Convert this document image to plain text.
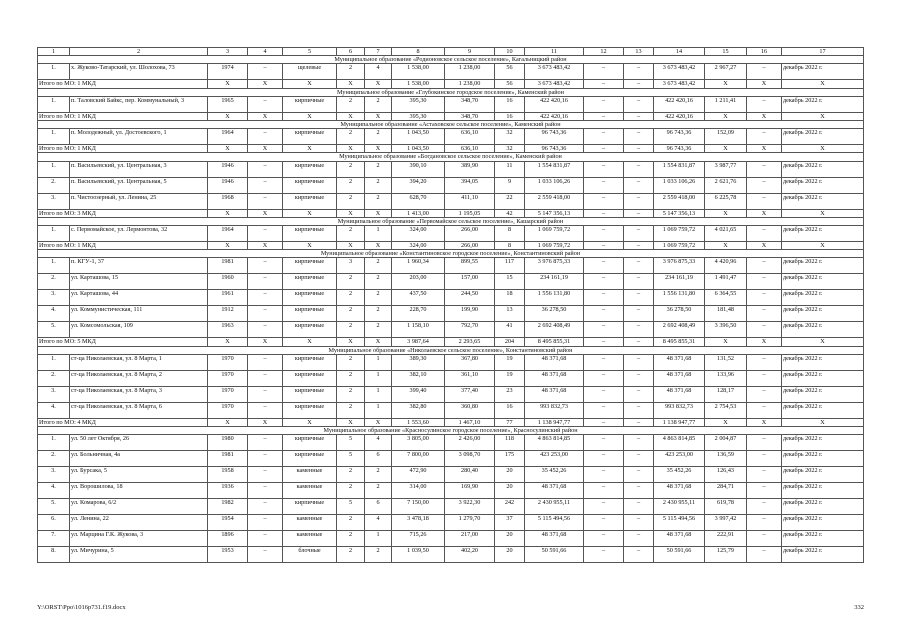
1	2	3	4	5	6	7	8	9	10	11	12	13	14	15	16	17
Муниципальное образование «Родионовское сельское поселение», Кагальницкий район																
1.	х. Жуково-Татарский, ул. Шолохова, 73	1974	–	щелевые	2	4	1 538,00	1 238,00	56	3 673 483,42	–	–	3 673 483,42	2 967,27	–	декабрь 2022 г.
Итого по МО: 1 МКД		Х	Х	Х	Х	Х	1 538,00	1 238,00	56	3 673 483,42	–	–	3 673 483,42	Х	Х	Х
Муниципальное образование «Глубокинское городское поселение», Каменский район																
1.	п. Таловский Байкс, пер. Коммунальный, 3	1965	–	кирпичные	2	2	395,30	348,70	16	422 420,16	–	–	422 420,16	1 211,41	–	декабрь 2022 г.
Итого по МО: 1 МКД		Х	Х	Х	Х	Х	395,30	348,70	16	422 420,16	–	–	422 420,16	Х	Х	Х
Муниципальное образование «Астаховское сельское поселение», Каменский район																
1.	п. Молодежный, ул. Достоевского, 1	1964	–	кирпичные	2	2	1 043,50	636,10	32	96 743,36	–	–	96 743,36	152,09	–	декабрь 2022 г.
Итого по МО: 1 МКД		Х	Х	Х	Х	Х	1 043,50	636,10	32	96 743,36	–	–	96 743,36	Х	Х	Х
Муниципальное образование «Богдановское сельское поселение», Каменский район																
1.	п. Васильевский, ул. Центральная, 3	1946	–	кирпичные	2	2	390,10	389,90	11	1 554 831,87	–	–	1 554 831,87	3 987,77	–	декабрь 2022 г.
2.	п. Васильевский, ул. Центральная, 5	1946	–	кирпичные	2	2	394,20	394,05	9	1 033 106,26	–	–	1 033 106,26	2 621,76	–	декабрь 2022 г.
3.	п. Чистоозерный, ул. Ленина, 25	1968	–	кирпичные	2	2	628,70	411,10	22	2 559 418,00	–	–	2 559 418,00	6 225,78	–	декабрь 2022 г.
Итого по МО: 3 МКД		Х	Х	Х	Х	Х	1 413,00	1 195,05	42	5 147 356,13	–	–	5 147 356,13	Х	Х	Х
Муниципальное образование «Первомайское сельское поселение», Кашарский район																
1.	с. Первомайское, ул. Лермонтова, 32	1964	–	кирпичные	2	1	324,00	266,00	8	1 069 759,72	–	–	1 069 759,72	4 021,65	–	декабрь 2022 г.
Итого по МО: 1 МКД		Х	Х	Х	Х	Х	324,00	266,00	8	1 069 759,72	–	–	1 069 759,72	Х	Х	Х
Муниципальное образование «Константиновское городское поселение», Константиновский район																
1.	п. КГУ-1, 37	1981	–	кирпичные	3	2	1 960,34	899,55	117	3 976 875,33	–	–	3 976 875,33	4 420,96	–	декабрь 2022 г.
2.	ул. Карташова, 15	1960	–	кирпичные	2	2	203,00	157,00	15	234 161,19	–	–	234 161,19	1 491,47	–	декабрь 2022 г.
3.	ул. Карташова, 44	1961	–	кирпичные	2	2	437,50	244,50	18	1 556 131,80	–	–	1 556 131,80	6 364,55	–	декабрь 2022 г.
4.	ул. Коммунистическая, 111	1912	–	кирпичные	2	2	228,70	199,90	13	36 278,50	–	–	36 278,50	181,48	–	декабрь 2022 г.
5.	ул. Комсомольская, 109	1963	–	кирпичные	2	2	1 158,10	792,70	41	2 692 408,49	–	–	2 692 408,49	3 396,50	–	декабрь 2022 г.
Итого по МО: 5 МКД		Х	Х	Х	Х	Х	3 987,64	2 293,65	204	8 495 855,31	–	–	8 495 855,31	Х	Х	Х
Муниципальное образование «Николаевское сельское поселение», Константиновский район																
1.	ст-ца Николаевская, ул. 8 Марта, 1	1970	–	кирпичные	2	1	389,30	367,80	19	48 371,68	–	–	48 371,68	131,52	–	декабрь 2022 г.
2.	ст-ца Николаевская, ул. 8 Марта, 2	1970	–	кирпичные	2	1	382,10	361,10	19	48 371,68	–	–	48 371,68	133,96	–	декабрь 2022 г.
3.	ст-ца Николаевская, ул. 8 Марта, 3	1970	–	кирпичные	2	1	399,40	377,40	23	48 371,68	–	–	48 371,68	128,17	–	декабрь 2022 г.
4.	ст-ца Николаевская, ул. 8 Марта, 6	1970	–	кирпичные	2	1	382,80	360,80	16	993 832,73	–	–	993 832,73	2 754,53	–	декабрь 2022 г.
Итого по МО: 4 МКД		Х	Х	Х	Х	Х	1 553,60	1 467,10	77	1 138 947,77	–	–	1 138 947,77	Х	Х	Х
Муниципальное образование «Красносулинское городское поселение», Красносулинский район																
1.	ул. 50 лет Октября, 26	1980	–	кирпичные	5	4	3 805,00	2 426,00	118	4 863 814,85	–	–	4 863 814,85	2 004,87	–	декабрь 2022 г.
2.	ул. Больничная, 4а	1981	–	кирпичные	5	6	7 800,00	3 098,70	175	423 253,00	–	–	423 253,00	136,59	–	декабрь 2022 г.
3.	ул. Бурсака, 5	1958	–	каменные	2	2	472,90	280,40	20	35 452,26	–	–	35 452,26	126,43	–	декабрь 2022 г.
4.	ул. Ворошилова, 18	1936	–	каменные	2	2	314,00	169,90	20	48 371,68	–	–	48 371,68	284,71	–	декабрь 2022 г.
5.	ул. Комарова, 6/2	1982	–	кирпичные	5	6	7 150,00	3 922,30	242	2 430 955,11	–	–	2 430 955,11	619,78	–	декабрь 2022 г.
6.	ул. Ленина, 22	1954	–	каменные	2	4	3 478,18	1 279,70	37	5 115 494,56	–	–	5 115 494,56	3 997,42	–	декабрь 2022 г.
7.	ул. Марцина Г.К. Жукова, 3	1896	–	каменные	2	1	715,26	217,00	20	48 371,68	–	–	48 371,68	222,91	–	декабрь 2022 г.
8.	ул. Мичурина, 5	1953	–	блочные	2	2	1 039,50	402,20	20	50 591,66	–	–	50 591,66	125,79	–	декабрь 2022 г.
Y:\ORST\Ppo\1016p731.f19.docx	332
